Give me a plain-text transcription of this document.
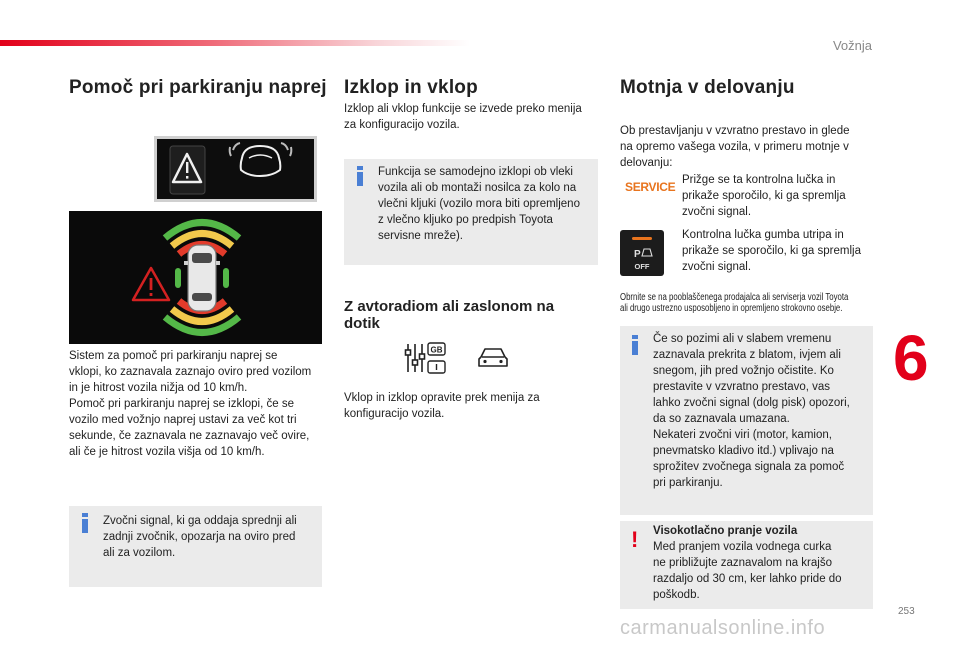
Vožnja
Pomoč pri parkiranju naprej
Sistem za pomoč pri parkiranju naprej se
vklopi, ko zaznavala zaznajo oviro pred vozilom
in je hitrost vozila nižja od 10 km/h.
Pomoč pri parkiranju naprej se izklopi, če se
vozilo med vožnjo naprej ustavi za več kot tri
sekunde, če zaznavala ne zaznavajo več ovire,
ali če je hitrost vozila višja od 10 km/h.
Zvočni signal, ki ga oddaja sprednji ali
zadnji zvočnik, opozarja na oviro pred
ali za vozilom.
Izklop in vklop
Izklop ali vklop funkcije se izvede preko menija
za konfiguracijo vozila.
Funkcija se samodejno izklopi ob vleki
vozila ali ob montaži nosilca za kolo na
vlečni kljuki (vozilo mora biti opremljeno
z vlečno kljuko po predpish Toyota
servisne mreže).
Z avtoradiom ali zaslonom na
dotik
GB
Vklop in izklop opravite prek menija za
konfiguracijo vozila.
Motnja v delovanju
Ob prestavljanju v vzvratno prestavo in glede
na opremo vašega vozila, v primeru motnje v
delovanju:
SERVICE Prižge se ta kontrolna lučka in
prikaže sporočilo, ki ga spremlja
zvočni signal.
P
OFF
Kontrolna lučka gumba utripa in
prikaže se sporočilo, ki ga spremlja
zvočni signal.
Obrnite se na pooblaščenega prodajalca ali serviserja vozil Toyota
ali drugo ustrezno usposobljeno in opremljeno strokovno osebje.
Če so pozimi ali v slabem vremenu
zaznavala prekrita z blatom, ivjem ali
snegom, jih pred vožnjo očistite. Ko
prestavite v vzvratno prestavo, vas
lahko zvočni signal (dolg pisk) opozori,
da so zaznavala umazana.
Nekateri zvočni viri (motor, kamion,
pnevmatsko kladivo itd.) vplivajo na
sprožitev zvočnega signala za pomoč
pri parkiranju.
! Visokotlačno pranje vozila
Med pranjem vozila vodnega curka
ne približujte zaznavalom na krajšo
razdaljo od 30 cm, ker lahko pride do
poškodb.
6
253
carmanualsonline.info
